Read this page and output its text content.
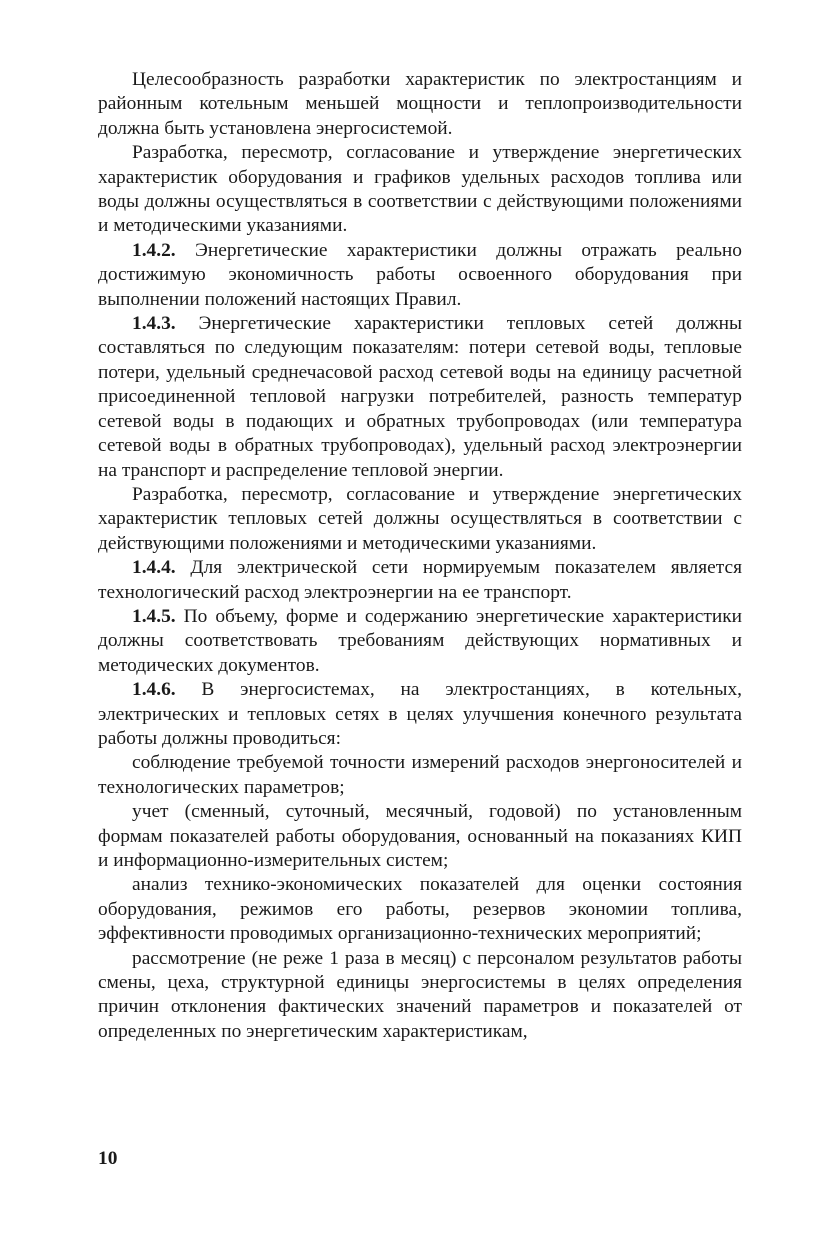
Целесообразность разработки характеристик по электростанциям и районным котельным меньшей мощности и теплопроизводительности должна быть установлена энергосистемой.

Разработка, пересмотр, согласование и утверждение энергетических характеристик оборудования и графиков удельных расходов топлива или воды должны осуществляться в соответствии с действующими положениями и методическими указаниями.

1.4.2. Энергетические характеристики должны отражать реально достижимую экономичность работы освоенного оборудования при выполнении положений настоящих Правил.

1.4.3. Энергетические характеристики тепловых сетей должны составляться по следующим показателям: потери сетевой воды, тепловые потери, удельный среднечасовой расход сетевой воды на единицу расчетной присоединенной тепловой нагрузки потребителей, разность температур сетевой воды в подающих и обратных трубопроводах (или температура сетевой воды в обратных трубопроводах), удельный расход электроэнергии на транспорт и распределение тепловой энергии.

Разработка, пересмотр, согласование и утверждение энергетических характеристик тепловых сетей должны осуществляться в соответствии с действующими положениями и методическими указаниями.

1.4.4. Для электрической сети нормируемым показателем является технологический расход электроэнергии на ее транспорт.

1.4.5. По объему, форме и содержанию энергетические характеристики должны соответствовать требованиям действующих нормативных и методических документов.

1.4.6. В энергосистемах, на электростанциях, в котельных, электрических и тепловых сетях в целях улучшения конечного результата работы должны проводиться:

соблюдение требуемой точности измерений расходов энергоносителей и технологических параметров;

учет (сменный, суточный, месячный, годовой) по установленным формам показателей работы оборудования, основанный на показаниях КИП и информационно-измерительных систем;

анализ технико-экономических показателей для оценки состояния оборудования, режимов его работы, резервов экономии топлива, эффективности проводимых организационно-технических мероприятий;

рассмотрение (не реже 1 раза в месяц) с персоналом результатов работы смены, цеха, структурной единицы энергосистемы в целях определения причин отклонения фактических значений параметров и показателей от определенных по энергетическим характеристикам,

10
